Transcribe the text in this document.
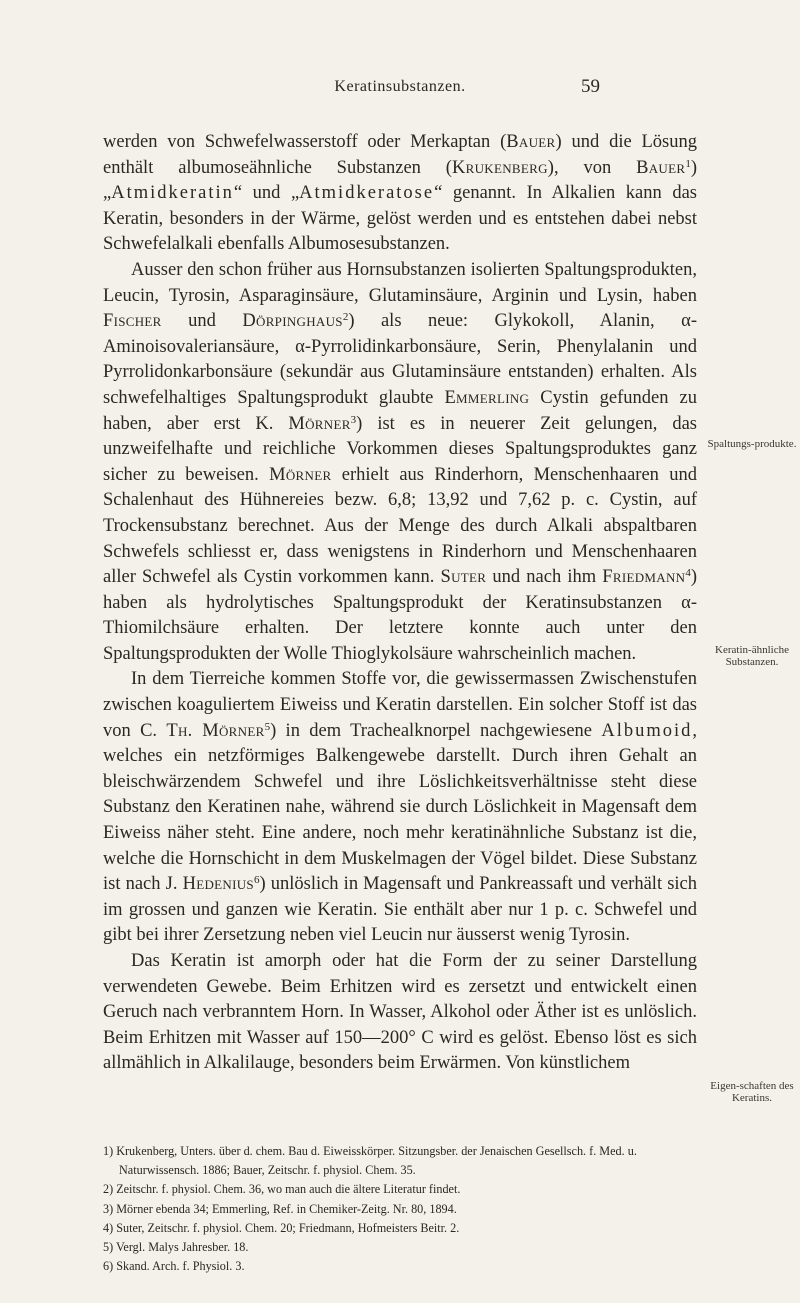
Keratinsubstanzen.	59

werden von Schwefelwasserstoff oder Merkaptan (Bauer) und die Lösung enthält albumoseähnliche Substanzen (Krukenberg), von Bauer$^1$) „Atmidkeratin“ und „Atmidkeratose“ genannt. In Alkalien kann das Keratin, besonders in der Wärme, gelöst werden und es entstehen dabei nebst Schwefelalkali ebenfalls Albumosesubstanzen.

Ausser den schon früher aus Hornsubstanzen isolierten Spaltungsprodukten, Leucin, Tyrosin, Asparaginsäure, Glutaminsäure, Arginin und Lysin, haben Fischer und Dörpinghaus$^2$) als neue: Glykokoll, Alanin, α-Aminoisovaleriansäure, α-Pyrrolidinkarbonsäure, Serin, Phenylalanin und Pyrrolidonkarbonsäure (sekundär aus Glutaminsäure entstanden) erhalten. Als schwefelhaltiges Spaltungsprodukt glaubte Emmerling Cystin gefunden zu haben, aber erst K. Mörner$^3$) ist es in neuerer Zeit gelungen, das unzweifelhafte und reichliche Vorkommen dieses Spaltungsproduktes ganz sicher zu beweisen. Mörner erhielt aus Rinderhorn, Menschenhaaren und Schalenhaut des Hühnereies bezw. 6,8; 13,92 und 7,62 p. c. Cystin, auf Trockensubstanz berechnet. Aus der Menge des durch Alkali abspaltbaren Schwefels schliesst er, dass wenigstens in Rinderhorn und Menschenhaaren aller Schwefel als Cystin vorkommen kann. Suter und nach ihm Friedmann$^4$) haben als hydrolytisches Spaltungsprodukt der Keratinsubstanzen α-Thiomilchsäure erhalten. Der letztere konnte auch unter den Spaltungsprodukten der Wolle Thioglykolsäure wahrscheinlich machen.

In dem Tierreiche kommen Stoffe vor, die gewissermassen Zwischenstufen zwischen koaguliertem Eiweiss und Keratin darstellen. Ein solcher Stoff ist das von C. Th. Mörner$^5$) in dem Trachealknorpel nachgewiesene Albumoid, welches ein netzförmiges Balkengewebe darstellt. Durch ihren Gehalt an bleischwärzendem Schwefel und ihre Löslichkeitsverhältnisse steht diese Substanz den Keratinen nahe, während sie durch Löslichkeit in Magensaft dem Eiweiss näher steht. Eine andere, noch mehr keratinähnliche Substanz ist die, welche die Hornschicht in dem Muskelmagen der Vögel bildet. Diese Substanz ist nach J. Hedenius$^6$) unlöslich in Magensaft und Pankreassaft und verhält sich im grossen und ganzen wie Keratin. Sie enthält aber nur 1 p. c. Schwefel und gibt bei ihrer Zersetzung neben viel Leucin nur äusserst wenig Tyrosin.

Das Keratin ist amorph oder hat die Form der zu seiner Darstellung verwendeten Gewebe. Beim Erhitzen wird es zersetzt und entwickelt einen Geruch nach verbranntem Horn. In Wasser, Alkohol oder Äther ist es unlöslich. Beim Erhitzen mit Wasser auf 150—200° C wird es gelöst. Ebenso löst es sich allmählich in Alkalilauge, besonders beim Erwärmen. Von künstlichem

Spaltungs-produkte.
Keratin-ähnliche Substanzen.
Eigen-schaften des Keratins.
1) Krukenberg, Unters. über d. chem. Bau d. Eiweisskörper. Sitzungsber. der Jenaischen Gesellsch. f. Med. u. Naturwissensch. 1886; Bauer, Zeitschr. f. physiol. Chem. 35.
2) Zeitschr. f. physiol. Chem. 36, wo man auch die ältere Literatur findet.
3) Mörner ebenda 34; Emmerling, Ref. in Chemiker-Zeitg. Nr. 80, 1894.
4) Suter, Zeitschr. f. physiol. Chem. 20; Friedmann, Hofmeisters Beitr. 2.
5) Vergl. Malys Jahresber. 18.
6) Skand. Arch. f. Physiol. 3.
